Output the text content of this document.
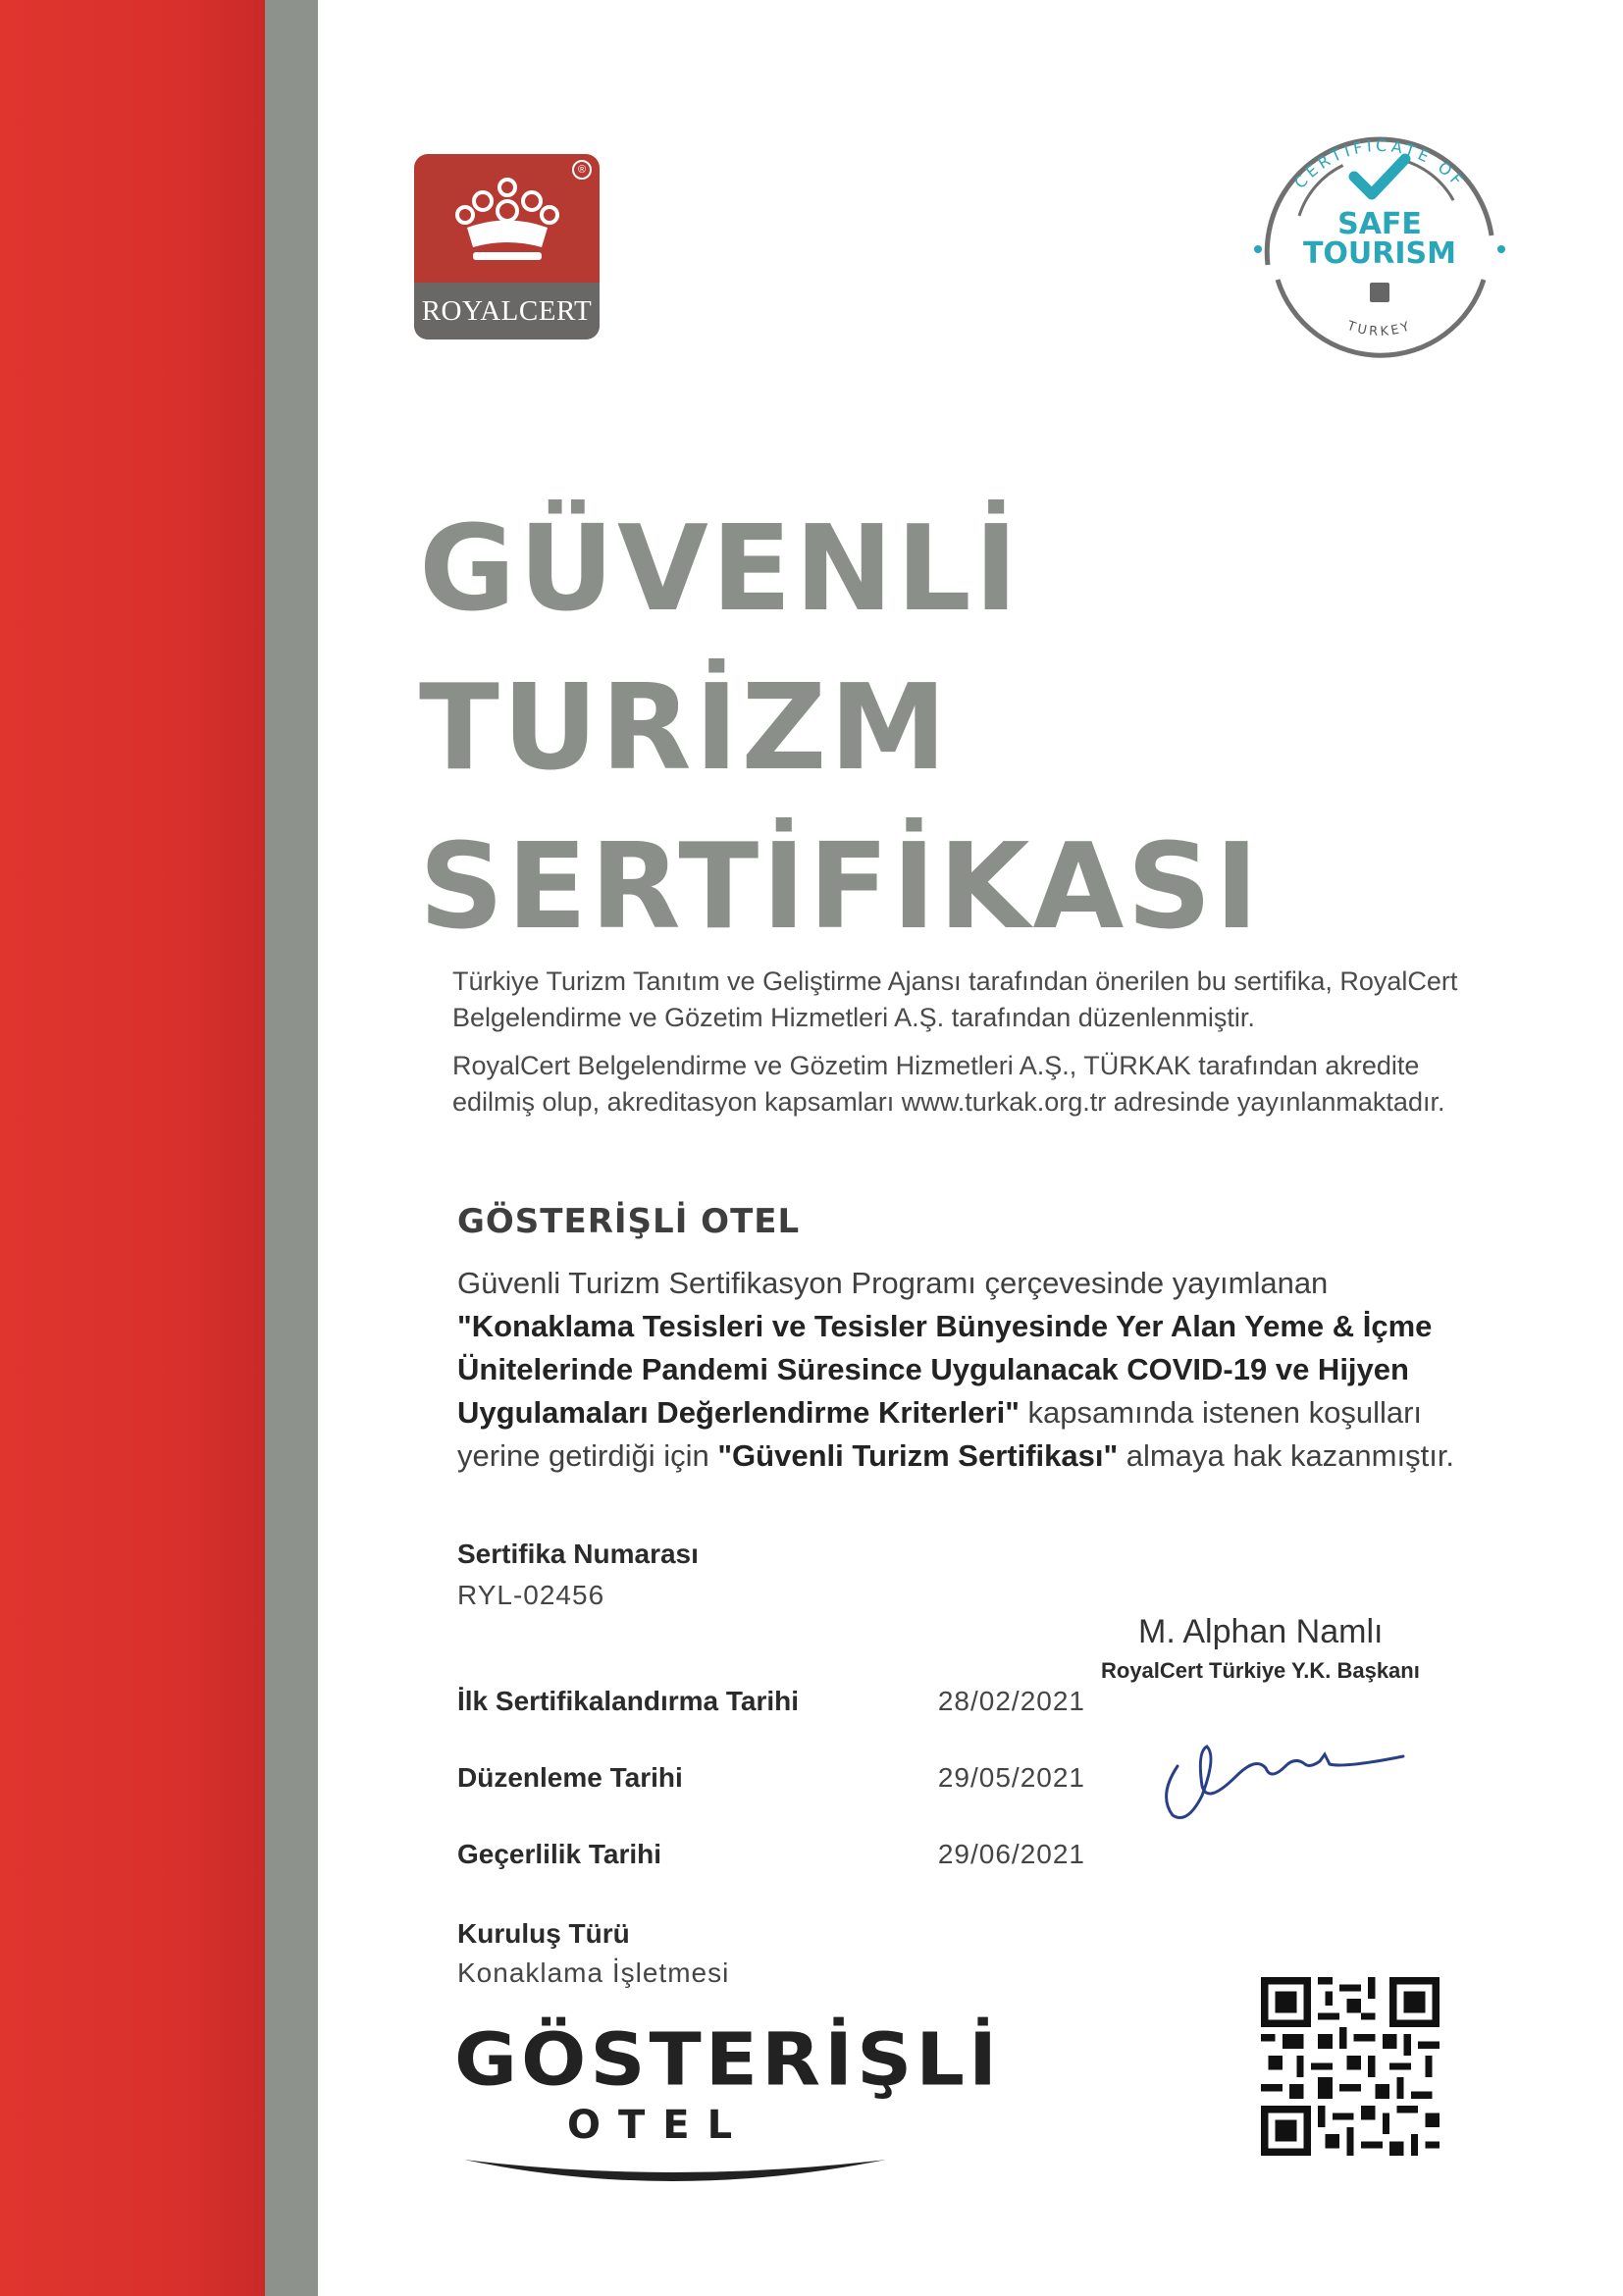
®
ROYALCERT
CERTIFICATE OF
SAFE
TOURISM
TURKEY
GÜVENLİ
TURİZM
SERTİFİKASI

Türkiye Turizm Tanıtım ve Geliştirme Ajansı tarafından önerilen bu sertifika, RoyalCert Belgelendirme ve Gözetim Hizmetleri A.Ş. tarafından düzenlenmiştir.

RoyalCert Belgelendirme ve Gözetim Hizmetleri A.Ş., TÜRKAK tarafından akredite edilmiş olup, akreditasyon kapsamları www.turkak.org.tr adresinde yayınlanmaktadır.

GÖSTERİŞLİ OTEL
Güvenli Turizm Sertifikasyon Programı çerçevesinde yayımlanan "Konaklama Tesisleri ve Tesisler Bünyesinde Yer Alan Yeme & İçme Ünitelerinde Pandemi Süresince Uygulanacak COVID-19 ve Hijyen Uygulamaları Değerlendirme Kriterleri" kapsamında istenen koşulları yerine getirdiği için "Güvenli Turizm Sertifikası" almaya hak kazanmıştır.
Sertifika Numarası
RYL-02456
İlk Sertifikalandırma Tarihi	28/02/2021
Düzenleme Tarihi	29/05/2021
Geçerlilik Tarihi	29/06/2021
Kuruluş Türü
Konaklama İşletmesi
M. Alphan Namlı
RoyalCert Türkiye Y.K. Başkanı
GÖSTERİŞLİ
OTEL
